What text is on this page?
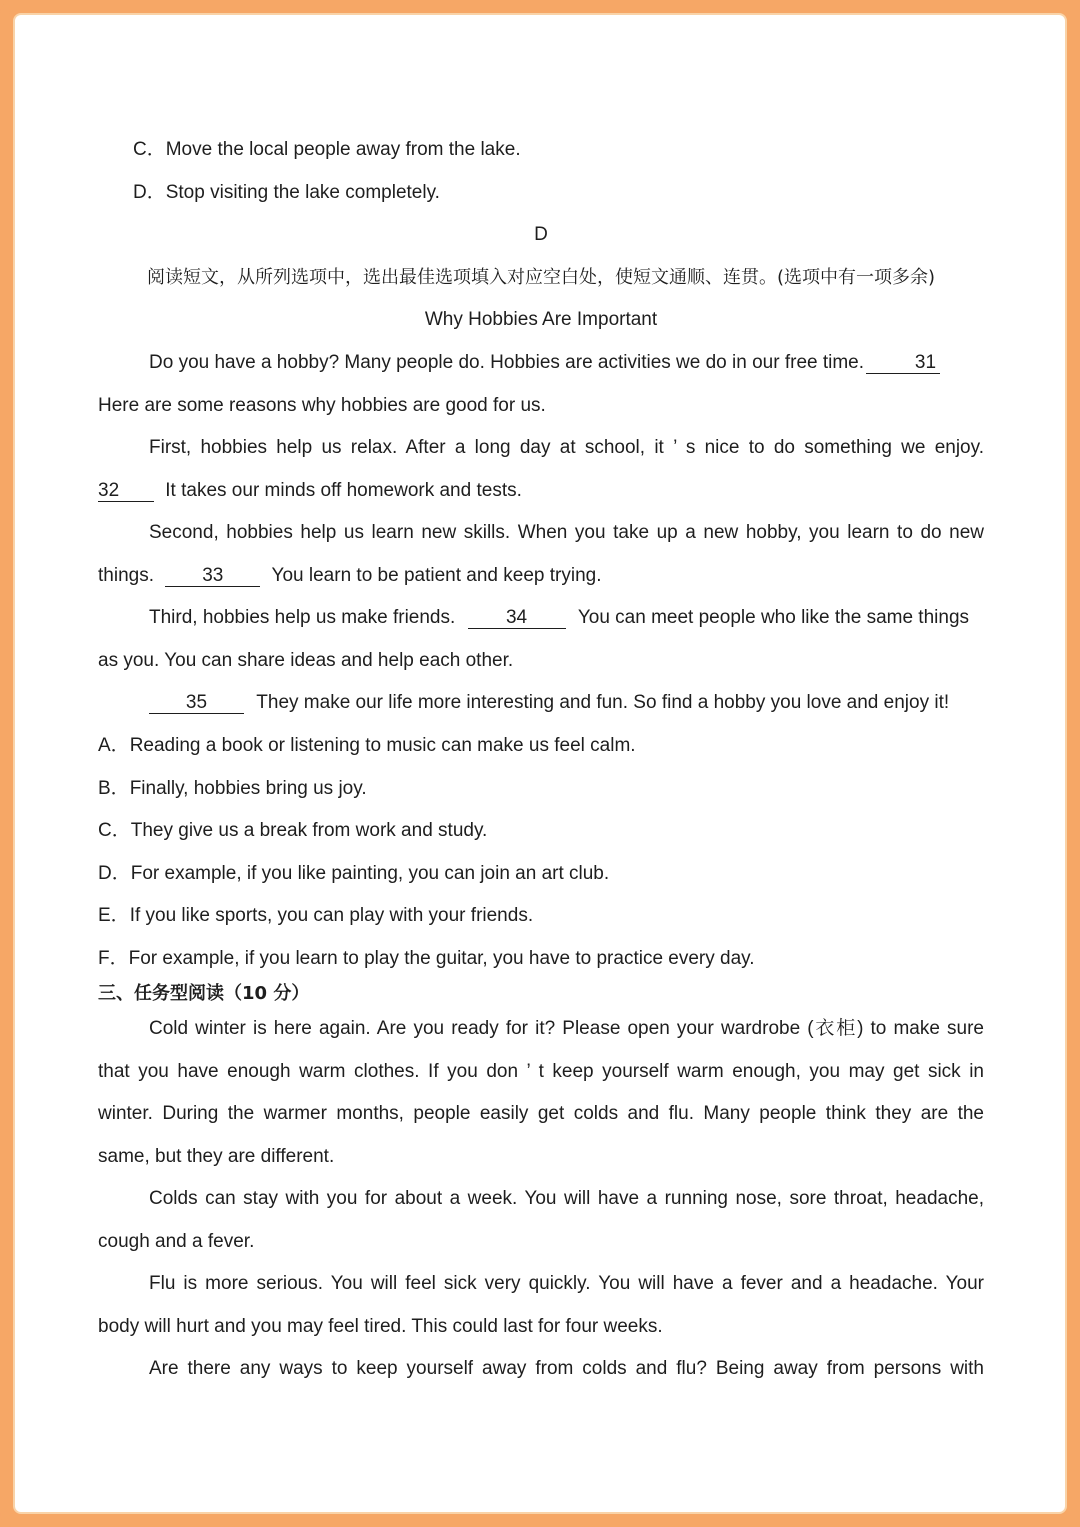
C．Move the local people away from the lake.
D．Stop visiting the lake completely.
D
阅读短文，从所列选项中，选出最佳选项填入对应空白处，使短文通顺、连贯。(选项中有一项多余)
Why Hobbies Are Important
Do you have a hobby? Many people do. Hobbies are activities we do in our free time.	31
Here are some reasons why hobbies are good for us.
First, hobbies help us relax. After a long day at school, it ’ s nice to do something we enjoy.
32 It takes our minds off homework and tests.
Second, hobbies help us learn new skills. When you take up a new hobby, you learn to do new
things.	33	You learn to be patient and keep trying.
Third, hobbies help us make friends.	34	You can meet people who like the same things
as you. You can share ideas and help each other.
35	They make our life more interesting and fun. So find a hobby you love and enjoy it!
A．Reading a book or listening to music can make us feel calm.
B．Finally, hobbies bring us joy.
C．They give us a break from work and study.
D．For example, if you like painting, you can join an art club.
E．If you like sports, you can play with your friends.
F．For example, if you learn to play the guitar, you have to practice every day.
三、任务型阅读（10 分）
Cold winter is here again. Are you ready for it? Please open your wardrobe (衣柜) to make sure
that you have enough warm clothes. If you don ’ t keep yourself warm enough, you may get sick in
winter. During the warmer months, people easily get colds and flu. Many people think they are the
same, but they are different.
Colds can stay with you for about a week. You will have a running nose, sore throat, headache,
cough and a fever.
Flu is more serious. You will feel sick very quickly. You will have a fever and a headache. Your
body will hurt and you may feel tired. This could last for four weeks.
Are there any ways to keep yourself away from colds and flu? Being away from persons with
